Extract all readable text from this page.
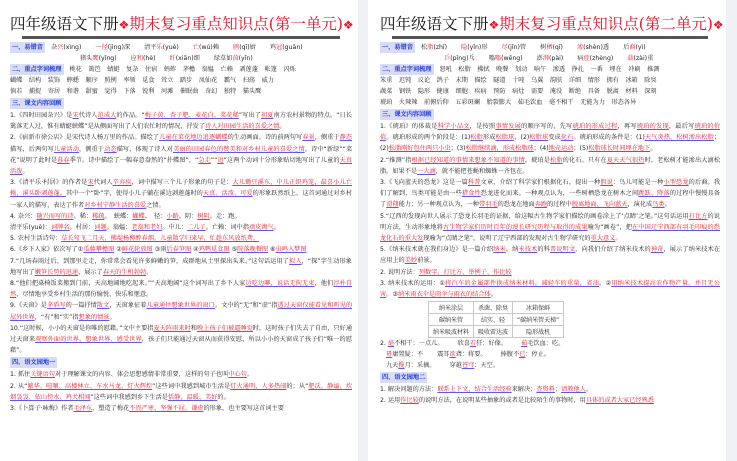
四年级语文下册❖期末复习重点知识点(第一单元)❖
一、易错音 杂兴(xìng) 一径(jìng)深 清平乐(yuè) 亡(wú)赖 鸥(qī)厨 鸡冠(guān)
猪头鹰(yīng) 应和(hè) 纤(xiān)细 绿草如茵(yīn)
二、重点字词梳理 桃花 篱笆 蜻蜓 复杂 住宿 蚂蚱 茅檐 翁媪 亡赖 剥莲蓬 帐篷 闪烁
蝴蝶 结构 装饰 蟀蟋 顺序 照例 率领 觅食 耸立 踏步 凤仙花 霸气 扫荡 威力
倘若 捕捉 寄居 和谐 甜蜜 觉得 下落 锐利 河滩 催眠曲 奇幻 独特 猫头鹰
三、课文内容回顾
1.《四时田园杂兴》是宋代诗人范成大的作品。“梅子黄、杏子肥、麦花白、菜花稀”写出了初夏南方农村景物的特点。“日长篱落无人过，惟有蜻蜓蛱蝶”是从侧面写出了人们农忙时的情况，抒发了诗人对田园生活的喜爱之情。
2.《宿新市徐公店》是宋代诗人杨万里的作品。描绘了儿童在菜花地边追逐蝴蝶的生动画面。诗的前两句写春景，侧重于静态描写，后两句写儿童活动，侧重于动态描写，体现了诗人对美丽的田园春色的赞美和对乡村儿童的喜爱之情。诗中“新绿”“菜花”说明了此时是暮春季节。诗中描绘了一幅春意盎然的“扑蝶图”，“急走”“追”这两个动词十分形象贴切地写出了儿童的天真活泼。
3.《清平乐·村居》的作者是宋代词人辛弃疾，词中描写三个儿子形象的句子是：大儿锄豆溪东，中儿正织鸡笼，最喜小儿亡赖，溪头卧剥莲蓬。其中一个“卧”字，使得小儿子躺在溪边剥莲蓬时的天真、活泼、可爱的形象跃然纸上。这首词通过对乡村一家人的描写，表达了作者对乡村宁静生活的喜爱之情。
4. 杂兴：随兴而写的诗。稀：稀疏。　蛱蝶：蝴蝶。　径：小路。阴：树阴。走：跑。
清平乐(yuè)：词牌名。村居：词题。翁媪：老翁和老妇。中儿：二儿子。亡赖：词中指顽皮淘气。
5. 农村生活诗句：草长莺飞二月天，拂堤杨柳醉春烟。儿童散学归来早，忙趁东风放纸鸢。
6.《乡下人家》依次写了①瓜藤攀檐图 ②鲜花轮放图 ③雨后春笋图 ④鸡鸭觅食图 ⑤院落晚餐图 ⑥虫鸣入梦图
7.“几场春雨过后，到那里走走，你常常会看见许多鲜嫩的笋，成群地从土里探出头来。”这句话运用了拟人，“探”字生动形象地写出了嫩笋长势的迅速，展示了春天的生机勃勃。
8.“他们把桌椅饭菜搬到门前，天高地阔地吃起来。”“天高地阔”这个词写出了乡下人家边吃边聊，说话无拘无束，他们淳朴自然，尽情地享受乡村生活的那份愉悦、快乐和惬意。
9.《天窗》是茅盾写的一篇抒情散文，天窗象征着儿童通往想象世界的窗口。文中的“无”和“虚”指透过天窗仅能看见和听见的屋外世界，“有”和“实”指想象的情景。
10.“这时候，小小的天窗是你唯的慰藉。”文中主要指夏天阵雨来时和晚上孩子们被逼睡觉时，这时孩子们失去了自由，只好通过天窗来观察外面的世界、想象世界、感受世界，孩子们只能通过天窗从而获得安慰，所以小小的天窗成了孩子们“唯一的慰藉”。
四、语文园地一
1. 抓住关键语句对于理解课文的内容、体会思想感情非常重要，这样的句子也叫中心句。
2. 从“繁华、喧嚷、高楼林立、车水马龙、灯火辉煌”这些词中我感到城市生活是灯火通明、人多热闹的；从“肥沃、静谧、炊烟袅袅、依山傍水、鸡犬相闻”这些词中我感到乡下生活是恬静、温暖、美好的。
3.《卜算子·咏梅》作者毛泽东，塑造了梅花不畏严寒、坚强不屈、谦虚的形象，也主要写这首词主要
四年级语文下册❖期末复习重点知识点(第二单元)❖
一、易错音 松脂(zhī) 隐(yǐn)形 尽(jǐn)管 树栖(qī) 渗(shèn)透 后裔(yì)
乒(pīng)乓 嗡嗡(wēng) 澎湃(pài) 病症(zhèng) 载(zài)重
二、重点字词梳理 怒吼 松脂 拂拭 晚餐 划动 晌午 渗透 挣扎 一番 埋在 冲刷 推测
笨重 迟钝 议论 鸽子 末期 描绘 隧道 十吨 乌翼 韵肤 详细 情形 拥有 冰箱 除臭
蔬菜 钢铁 隐形 健康 细胞 疾病 预防 病灶 需要 淹没 断绝 具备 脱离 材料 深刻
琥珀 火辣辣 前俯后仰 五彩斑斓 胎裂膨大 茹毛饮血 毫不相干 无能为力 形态各异
三、课文内容回顾
1.《琥珀》的体裁是科学小品文，是按照事情发展的顺序写的，先写琥珀的形成过程，再写琥珀的发现，最后写琥珀的价值。琥珀形成的两个阶段是：(1)松脂形成松脂球，(2)松脂球变成化石。琥珀形成的条件是：(1)天气炎热，松树渗出松脂；(2)松脂刚好包住两只小虫；(3)松脂继续滴，形成松脂球；(4)地壳运动；(5)松脂球长时间埋在地下。
2.“推测”指根据已经知道的事情来想象不知道的事情。琥珀是松脂的化石。只有在夏天天气很热时，老松树才能渗出大滴松脂。如果不是一大滴，就不能把苍蝇和蜘蛛一齐包在。
3.《飞向蓝天的恐龙》这是一篇科普文章，介绍了科学家们根据化石，提出一种假说：鸟儿可能是一种小型恐龙的后裔。我们了解到，鸟类可能是由一些猎食性恐龙进化而来。一种观点认为，一些树栖恐龙在树木之间跳跃、降落的过程中慢慢具备了滑翔能力；另一种观点认为，一种带羽毛的恐龙在地面奔跑的过程中脱离地面、飞向蓝天，演化成鸟类。
5.“辽西的发现向世人展示了恐龙长羽毛的证据，给这幅古生物学家们描绘的画卷涂上了‘点睛’之笔。”这句话运用打比方的说明方法，生动形象地将古生物学家们历时百年的漫长研究历程与取得的成果喻为“画卷”，把在中国辽宁西部有羽毛印痕的恐龙化石的重大发现喻为“点睛之笔”，说明了辽宁西部的发现对古生物学研究的重大意义。
5.《纳米技术就在我们身边》是一篇介绍纳米、纳米技术的科普说明文，向我们介绍了纳米技术的神奇，展示了纳米技术在应用上的美妙前景。
2. 说明方法：列数字、打比方、举例子、作比较
3. 纳米技术的运用：①将汽车的金属部件换成纳米材料，减轻车的重量，省油。②用纳米技术提高农作物产量，并且无公害。③纳米雨衣伞是雨伞与雨衣的结合体。
纳米涂层	杀菌、除臭	冰箱保鲜
碳纳米管	结实、轻	“碳纳米管天梯”
纳米吸波材料	吸收雷达波	隐形战机
2. 毫不相干：一点儿。 欣喜若狂：好像。 茹毛饮血：吃。
毋庸置疑：不 震耳欲聋：将要。 捧腹不已：停止。
九天揽月：采摘。 穿越苍穹：天空。
四、语文园地二
1. 解决问题的方法：联系上下文，结合生活经验来解决；查资料；请教他人。
2. 运用作比较的说明方法，在说明某些抽象的或者是比较陌生的事物时，用具体的或者大家已经熟悉
